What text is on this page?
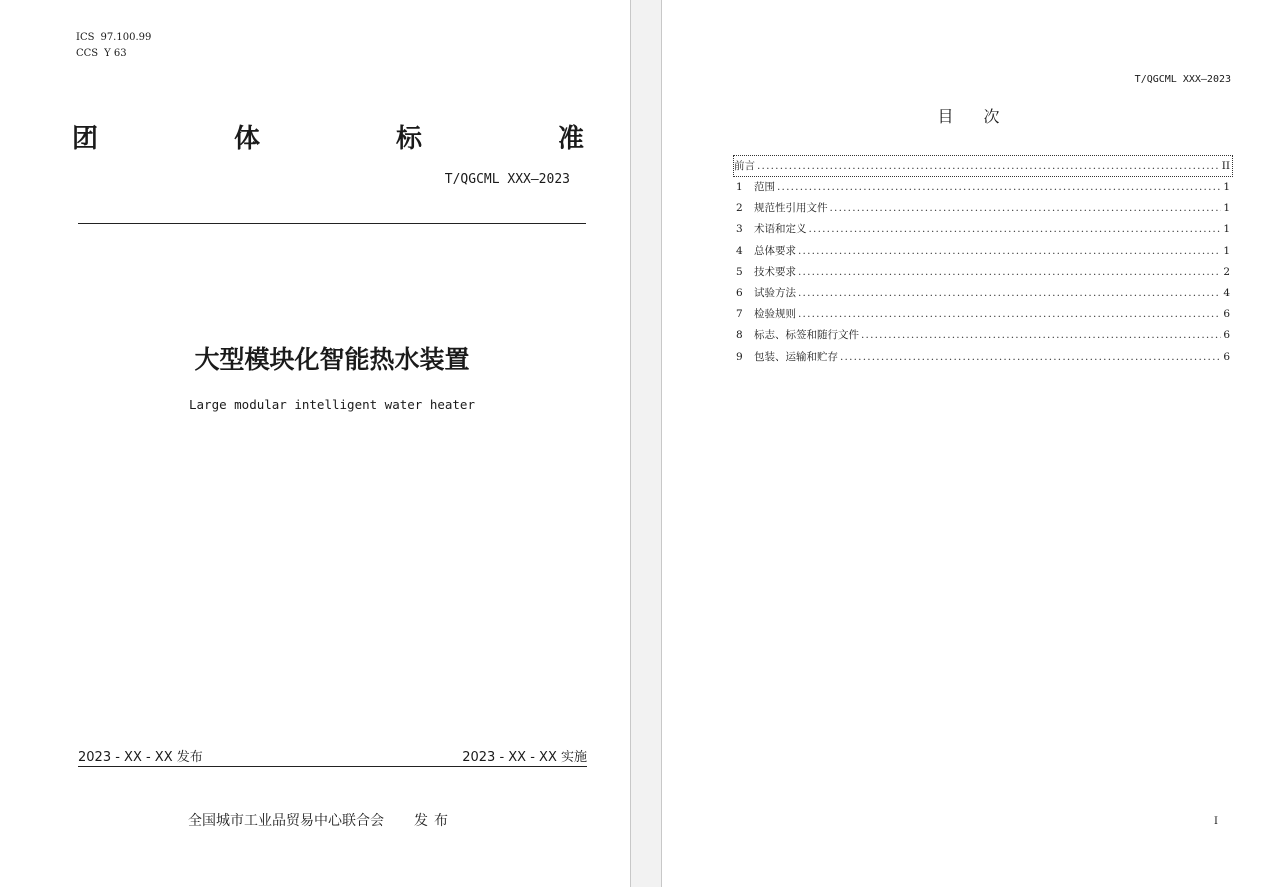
ICS 97.100.99
CCS Y 63
团	体	标	准
T/QGCML XXX—2023
大型模块化智能热水装置
Large modular intelligent water heater
2023 - XX - XX 发布	2023 - XX - XX 实施
全国城市工业品贸易中心联合会 发布
T/QGCML XXX—2023
目次
前言 .....	II
1	范围 .....	1
2	规范性引用文件 .....	1
3	术语和定义 .....	1
4	总体要求 .....	1
5	技术要求 .....	2
6	试验方法 .....	4
7	检验规则 .....	6
8	标志、标签和随行文件 .....	6
9	包装、运输和贮存 .....	6
I
